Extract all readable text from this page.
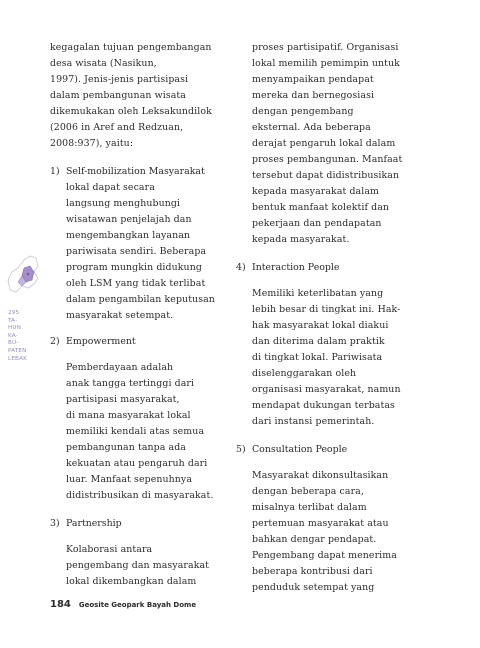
kegagalan tujuan pengembangan
desa wisata (Nasikun,
1997). Jenis-jenis partisipasi
dalam pembangunan wisata
dikemukakan oleh Leksakundilok
(2006 in Aref and Redzuan,
2008:937), yaitu:
1) Self-mobilization Masyarakat
lokal dapat secara
langsung menghubungi
wisatawan penjelajah dan
mengembangkan layanan
pariwisata sendiri. Beberapa
program mungkin didukung
oleh LSM yang tidak terlibat
dalam pengambilan keputusan
masyarakat setempat.
2) Empowerment
Pemberdayaan adalah
anak tangga tertinggi dari
partisipasi masyarakat,
di mana masyarakat lokal
memiliki kendali atas semua
pembangunan tanpa ada
kekuatan atau pengaruh dari
luar. Manfaat sepenuhnya
didistribusikan di masyarakat.
3) Partnership
Kolaborasi antara
pengembang dan masyarakat
lokal dikembangkan dalam
proses partisipatif. Organisasi
lokal memilih pemimpin untuk
menyampaikan pendapat
mereka dan bernegosiasi
dengan pengembang
eksternal. Ada beberapa
derajat pengaruh lokal dalam
proses pembangunan. Manfaat
tersebut dapat didistribusikan
kepada masyarakat dalam
bentuk manfaat kolektif dan
pekerjaan dan pendapatan
kepada masyarakat.
4) Interaction People
Memiliki keterlibatan yang
lebih besar di tingkat ini. Hak-
hak masyarakat lokal diakui
dan diterima dalam praktik
di tingkat lokal. Pariwisata
diselenggarakan oleh
organisasi masyarakat, namun
mendapat dukungan terbatas
dari instansi pemerintah.
5) Consultation People
Masyarakat dikonsultasikan
dengan beberapa cara,
misalnya terlibat dalam
pertemuan masyarakat atau
bahkan dengar pendapat.
Pengembang dapat menerima
beberapa kontribusi dari
penduduk setempat yang
295
TA-
HUN
KA-
BU-
PATEN
LEBAK
184 Geosite Geopark Bayah Dome
